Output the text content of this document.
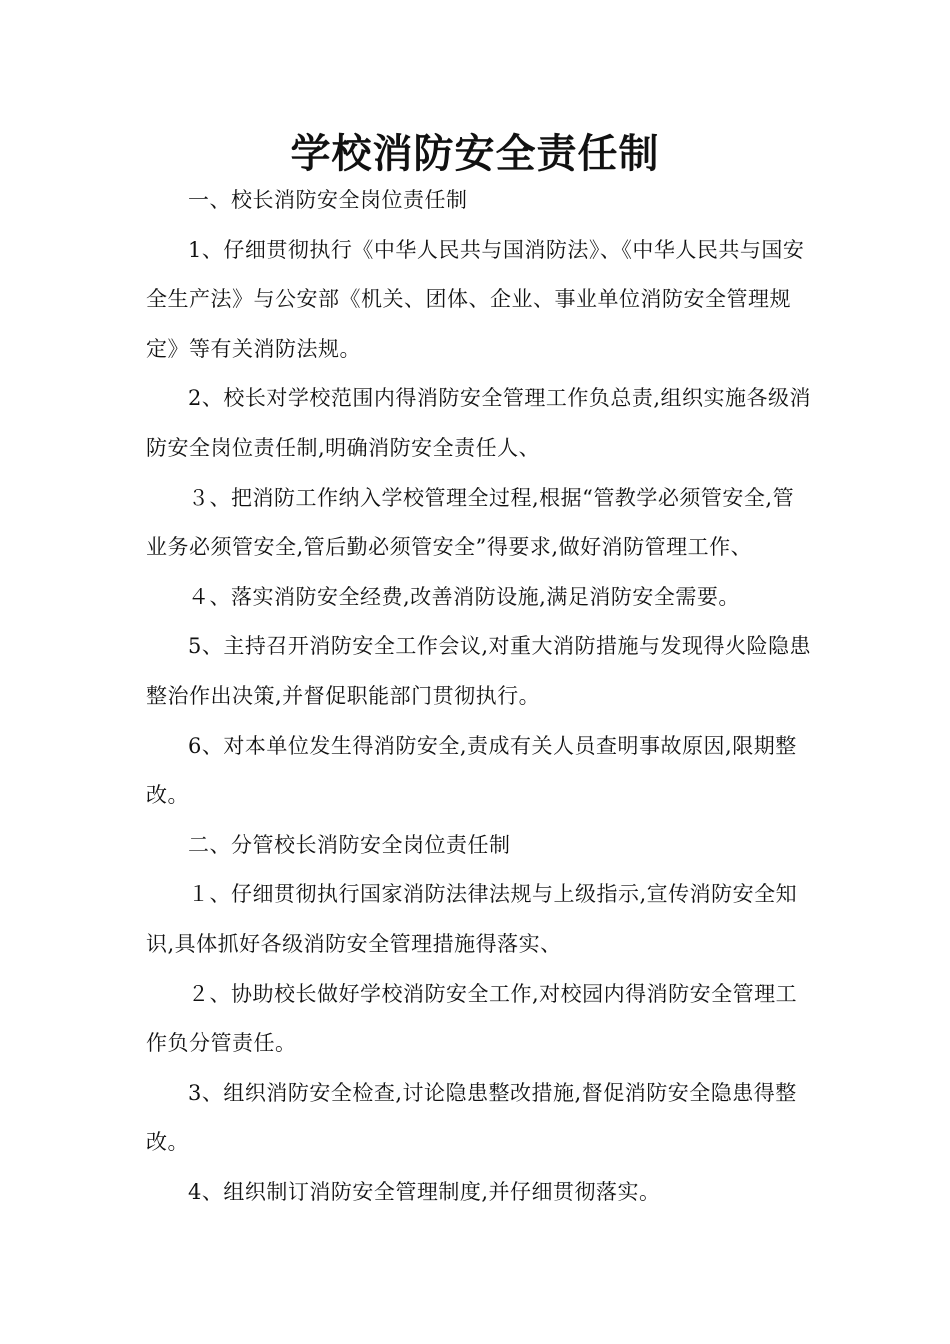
学校消防安全责任制

一、校长消防安全岗位责任制

1、仔细贯彻执行《中华人民共与国消防法》、《中华人民共与国安全生产法》与公安部《机关、团体、企业、事业单位消防安全管理规定》等有关消防法规。

2、校长对学校范围内得消防安全管理工作负总责,组织实施各级消防安全岗位责任制,明确消防安全责任人、

３、把消防工作纳入学校管理全过程,根据“管教学必须管安全,管业务必须管安全,管后勤必须管安全”得要求,做好消防管理工作、

４、落实消防安全经费,改善消防设施,满足消防安全需要。

5、主持召开消防安全工作会议,对重大消防措施与发现得火险隐患整治作出决策,并督促职能部门贯彻执行。

6、对本单位发生得消防安全,责成有关人员查明事故原因,限期整改。

二、分管校长消防安全岗位责任制

１、仔细贯彻执行国家消防法律法规与上级指示,宣传消防安全知识,具体抓好各级消防安全管理措施得落实、

２、协助校长做好学校消防安全工作,对校园内得消防安全管理工作负分管责任。

3、组织消防安全检查,讨论隐患整改措施,督促消防安全隐患得整改。

4、组织制订消防安全管理制度,并仔细贯彻落实。
